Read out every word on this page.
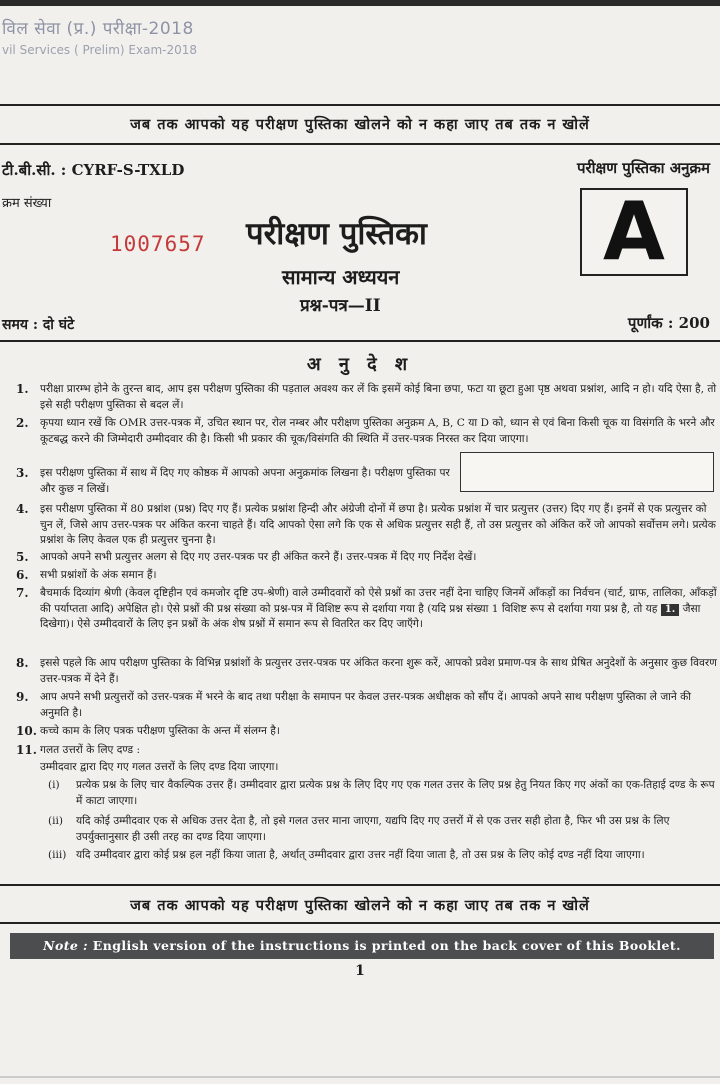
विल सेवा (प्र.) परीक्षा-2018
vil Services ( Prelim) Exam-2018
जब तक आपको यह परीक्षण पुस्तिका खोलने को न कहा जाए तब तक न खोलें
टी.बी.सी. : CYRF-S-TXLD	परीक्षण पुस्तिका अनुक्रम
क्रम संख्या
1007657 परीक्षण पुस्तिका
सामान्य अध्ययन
प्रश्न-पत्र—II
A
समय : दो घंटे	पूर्णांक : 200
अ नु दे श
1.	परीक्षा प्रारम्भ होने के तुरन्त बाद, आप इस परीक्षण पुस्तिका की पड़ताल अवश्य कर लें कि इसमें कोई बिना छपा, फटा या छूटा हुआ पृष्ठ अथवा प्रश्नांश, आदि न हो। यदि ऐसा है, तो इसे सही परीक्षण पुस्तिका से बदल लें।
2.	कृपया ध्यान रखें कि OMR उत्तर-पत्रक में, उचित स्थान पर, रोल नम्बर और परीक्षण पुस्तिका अनुक्रम A, B, C या D को, ध्यान से एवं बिना किसी चूक या विसंगति के भरने और कूटबद्ध करने की जिम्मेदारी उम्मीदवार की है। किसी भी प्रकार की चूक/विसंगति की स्थिति में उत्तर-पत्रक निरस्त कर दिया जाएगा।
3.	इस परीक्षण पुस्तिका में साथ में दिए गए कोष्ठक में आपको अपना अनुक्रमांक लिखना है। परीक्षण पुस्तिका पर और कुछ न लिखें।
4.	इस परीक्षण पुस्तिका में 80 प्रश्नांश (प्रश्न) दिए गए हैं। प्रत्येक प्रश्नांश हिन्दी और अंग्रेजी दोनों में छपा है। प्रत्येक प्रश्नांश में चार प्रत्युत्तर (उत्तर) दिए गए हैं। इनमें से एक प्रत्युत्तर को चुन लें, जिसे आप उत्तर-पत्रक पर अंकित करना चाहते हैं। यदि आपको ऐसा लगे कि एक से अधिक प्रत्युत्तर सही हैं, तो उस प्रत्युत्तर को अंकित करें जो आपको सर्वोत्तम लगे। प्रत्येक प्रश्नांश के लिए केवल एक ही प्रत्युत्तर चुनना है।
5.	आपको अपने सभी प्रत्युत्तर अलग से दिए गए उत्तर-पत्रक पर ही अंकित करने हैं। उत्तर-पत्रक में दिए गए निर्देश देखें।
6.	सभी प्रश्नांशों के अंक समान हैं।
7.	बैचमार्क दिव्यांग श्रेणी (केवल दृष्टिहीन एवं कमजोर दृष्टि उप-श्रेणी) वाले उम्मीदवारों को ऐसे प्रश्नों का उत्तर नहीं देना चाहिए जिनमें आँकड़ों का निर्वचन (चार्ट, ग्राफ, तालिका, आँकड़ों की पर्याप्तता आदि) अपेक्षित हो। ऐसे प्रश्नों की प्रश्न संख्या को प्रश्न-पत्र में विशिष्ट रूप से दर्शाया गया है (यदि प्रश्न संख्या 1 विशिष्ट रूप से दर्शाया गया प्रश्न है, तो यह 1. जैसा दिखेगा)। ऐसे उम्मीदवारों के लिए इन प्रश्नों के अंक शेष प्रश्नों में समान रूप से वितरित कर दिए जाएँगे।
8.	इससे पहले कि आप परीक्षण पुस्तिका के विभिन्न प्रश्नांशों के प्रत्युत्तर उत्तर-पत्रक पर अंकित करना शुरू करें, आपको प्रवेश प्रमाण-पत्र के साथ प्रेषित अनुदेशों के अनुसार कुछ विवरण उत्तर-पत्रक में देने हैं।
9.	आप अपने सभी प्रत्युत्तरों को उत्तर-पत्रक में भरने के बाद तथा परीक्षा के समापन पर केवल उत्तर-पत्रक अधीक्षक को सौंप दें। आपको अपने साथ परीक्षण पुस्तिका ले जाने की अनुमति है।
10. कच्चे काम के लिए पत्रक परीक्षण पुस्तिका के अन्त में संलग्न है।
11. गलत उत्तरों के लिए दण्ड :
उम्मीदवार द्वारा दिए गए गलत उत्तरों के लिए दण्ड दिया जाएगा।
(i)	प्रत्येक प्रश्न के लिए चार वैकल्पिक उत्तर हैं। उम्मीदवार द्वारा प्रत्येक प्रश्न के लिए दिए गए एक गलत उत्तर के लिए प्रश्न हेतु नियत किए गए अंकों का एक-तिहाई दण्ड के रूप में काटा जाएगा।
(ii)	यदि कोई उम्मीदवार एक से अधिक उत्तर देता है, तो इसे गलत उत्तर माना जाएगा, यद्यपि दिए गए उत्तरों में से एक उत्तर सही होता है, फिर भी उस प्रश्न के लिए उपर्युक्तानुसार ही उसी तरह का दण्ड दिया जाएगा।
(iii) यदि उम्मीदवार द्वारा कोई प्रश्न हल नहीं किया जाता है, अर्थात् उम्मीदवार द्वारा उत्तर नहीं दिया जाता है, तो उस प्रश्न के लिए कोई दण्ड नहीं दिया जाएगा।
जब तक आपको यह परीक्षण पुस्तिका खोलने को न कहा जाए तब तक न खोलें
Note : English version of the instructions is printed on the back cover of this Booklet.
1
